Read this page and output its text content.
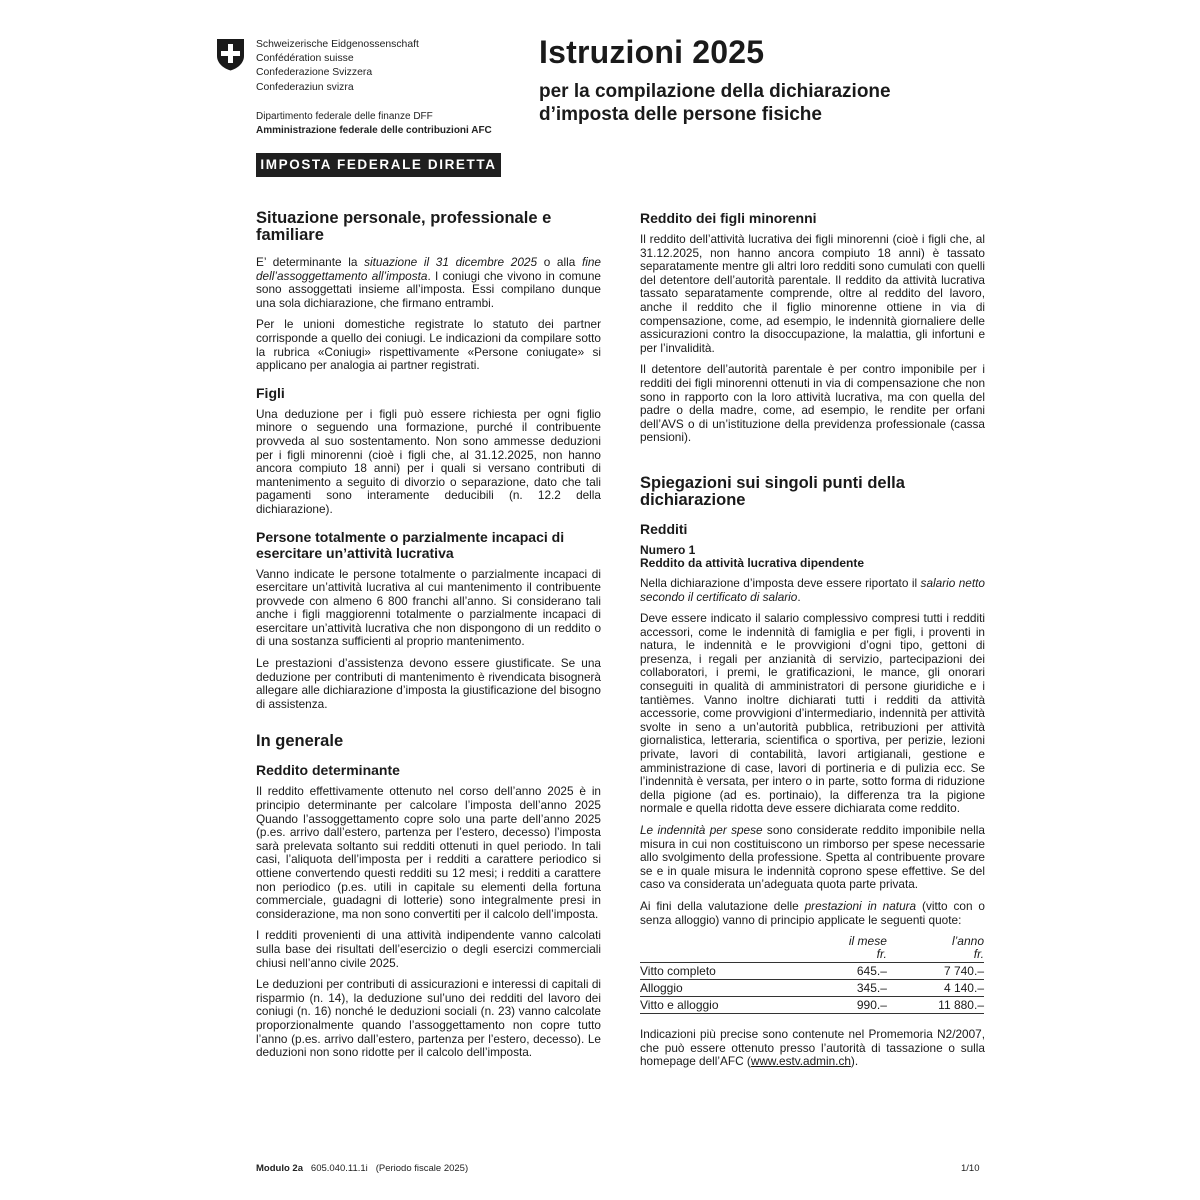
Schweizerische Eidgenossenschaft
Confédération suisse
Confederazione Svizzera
Confederaziun svizra
Dipartimento federale delle finanze DFF
Amministrazione federale delle contribuzioni AFC
IMPOSTA FEDERALE DIRETTA
Istruzioni 2025
per la compilazione della dichiarazione d’imposta delle persone fisiche
Situazione personale, professionale e familiare

E’ determinante la situazione il 31 dicembre 2025 o alla fine dell’assoggettamento all’imposta. I coniugi che vivono in comune sono assoggettati insieme all’imposta. Essi compilano dunque una sola dichiarazione, che firmano entrambi.

Per le unioni domestiche registrate lo statuto dei partner corrisponde a quello dei coniugi. Le indicazioni da compilare sotto la rubrica «Coniugi» rispettivamente «Persone coniugate» si applicano per analogia ai partner registrati.

Figli

Una deduzione per i figli può essere richiesta per ogni figlio minore o seguendo una formazione, purché il contribuente provveda al suo sostentamento. Non sono ammesse deduzioni per i figli minorenni (cioè i figli che, al 31.12.2025, non hanno ancora compiuto 18 anni) per i quali si versano contributi di mantenimento a seguito di divorzio o separazione, dato che tali pagamenti sono interamente deducibili (n. 12.2 della dichiarazione).

Persone totalmente o parzialmente incapaci di esercitare un’attività lucrativa

Vanno indicate le persone totalmente o parzialmente incapaci di esercitare un’attività lucrativa al cui mantenimento il contribuente provvede con almeno 6 800 franchi all’anno. Si considerano tali anche i figli maggiorenni totalmente o parzialmente incapaci di esercitare un’attività lucrativa che non dispongono di un reddito o di una sostanza sufficienti al proprio mantenimento.

Le prestazioni d’assistenza devono essere giustificate. Se una deduzione per contributi di mantenimento è rivendicata bisognerà allegare alle dichiarazione d’imposta la giustificazione del bisogno di assistenza.

In generale
Reddito determinante

Il reddito effettivamente ottenuto nel corso dell’anno 2025 è in principio determinante per calcolare l’imposta dell’anno 2025 Quando l’assoggettamento copre solo una parte dell’anno 2025 (p.es. arrivo dall’estero, partenza per l’estero, decesso) l’imposta sarà prelevata soltanto sui redditi ottenuti in quel periodo. In tali casi, l’aliquota dell’imposta per i redditi a carattere periodico si ottiene convertendo questi redditi su 12 mesi; i redditi a carattere non periodico (p.es. utili in capitale su elementi della fortuna commerciale, guadagni di lotterie) sono integralmente presi in considerazione, ma non sono convertiti per il calcolo dell’imposta.

I redditi provenienti di una attività indipendente vanno calcolati sulla base dei risultati dell’esercizio o degli esercizi commerciali chiusi nell’anno civile 2025.

Le deduzioni per contributi di assicurazioni e interessi di capitali di risparmio (n. 14), la deduzione sul’uno dei redditi del lavoro dei coniugi (n. 16) nonché le deduzioni sociali (n. 23) vanno calcolate proporzionalmente quando l’assoggettamento non copre tutto l’anno (p.es. arrivo dall’estero, partenza per l’estero, decesso). Le deduzioni non sono ridotte per il calcolo dell’imposta.

Reddito dei figli minorenni

Il reddito dell’attività lucrativa dei figli minorenni (cioè i figli che, al 31.12.2025, non hanno ancora compiuto 18 anni) è tassato separatamente mentre gli altri loro redditi sono cumulati con quelli del detentore dell’autorità parentale. Il reddito da attività lucrativa tassato separatamente comprende, oltre al reddito del lavoro, anche il reddito che il figlio minorenne ottiene in via di compensazione, come, ad esempio, le indennità giornaliere delle assicurazioni contro la disoccupazione, la malattia, gli infortuni e per l’invalidità.

Il detentore dell’autorità parentale è per contro imponibile per i redditi dei figli minorenni ottenuti in via di compensazione che non sono in rapporto con la loro attività lucrativa, ma con quella del padre o della madre, come, ad esempio, le rendite per orfani dell’AVS o di un’istituzione della previdenza professionale (cassa pensioni).

Spiegazioni sui singoli punti della dichiarazione
Redditi
Numero 1
Reddito da attività lucrativa dipendente

Nella dichiarazione d’imposta deve essere riportato il salario netto secondo il certificato di salario.

Deve essere indicato il salario complessivo compresi tutti i redditi accessori, come le indennità di famiglia e per figli, i proventi in natura, le indennità e le provvigioni d’ogni tipo, gettoni di presenza, i regali per anzianità di servizio, partecipazioni dei collaboratori, i premi, le gratificazioni, le mance, gli onorari conseguiti in qualità di amministratori di persone giuridiche e i tantièmes. Vanno inoltre dichiarati tutti i redditi da attività accessorie, come provvigioni d’intermediario, indennità per attività svolte in seno a un’autorità pubblica, retribuzioni per attività giornalistica, letteraria, scientifica o sportiva, per perizie, lezioni private, lavori di contabilità, lavori artigianali, gestione e amministrazione di case, lavori di portineria e di pulizia ecc. Se l’indennità è versata, per intero o in parte, sotto forma di riduzione della pigione (ad es. portinaio), la differenza tra la pigione normale e quella ridotta deve essere dichiarata come reddito.

Le indennità per spese sono considerate reddito imponibile nella misura in cui non costituiscono un rimborso per spese necessarie allo svolgimento della professione. Spetta al contribuente provare se e in quale misura le indennità coprono spese effettive. Se del caso va considerata un’adeguata quota parte privata.

Ai fini della valutazione delle prestazioni in natura (vitto con o senza alloggio) vanno di principio applicate le seguenti quote:

	il mese	l’anno
	fr.	fr.
Vitto completo	645.–	7 740.–
Alloggio	345.–	4 140.–
Vitto e alloggio	990.–	11 880.–

Indicazioni più precise sono contenute nel Promemoria N2/2007, che può essere ottenuto presso l’autorità di tassazione o sulla homepage dell’AFC (www.estv.admin.ch).

Modulo 2a 605.040.11.1i (Periodo fiscale 2025)	1/10
